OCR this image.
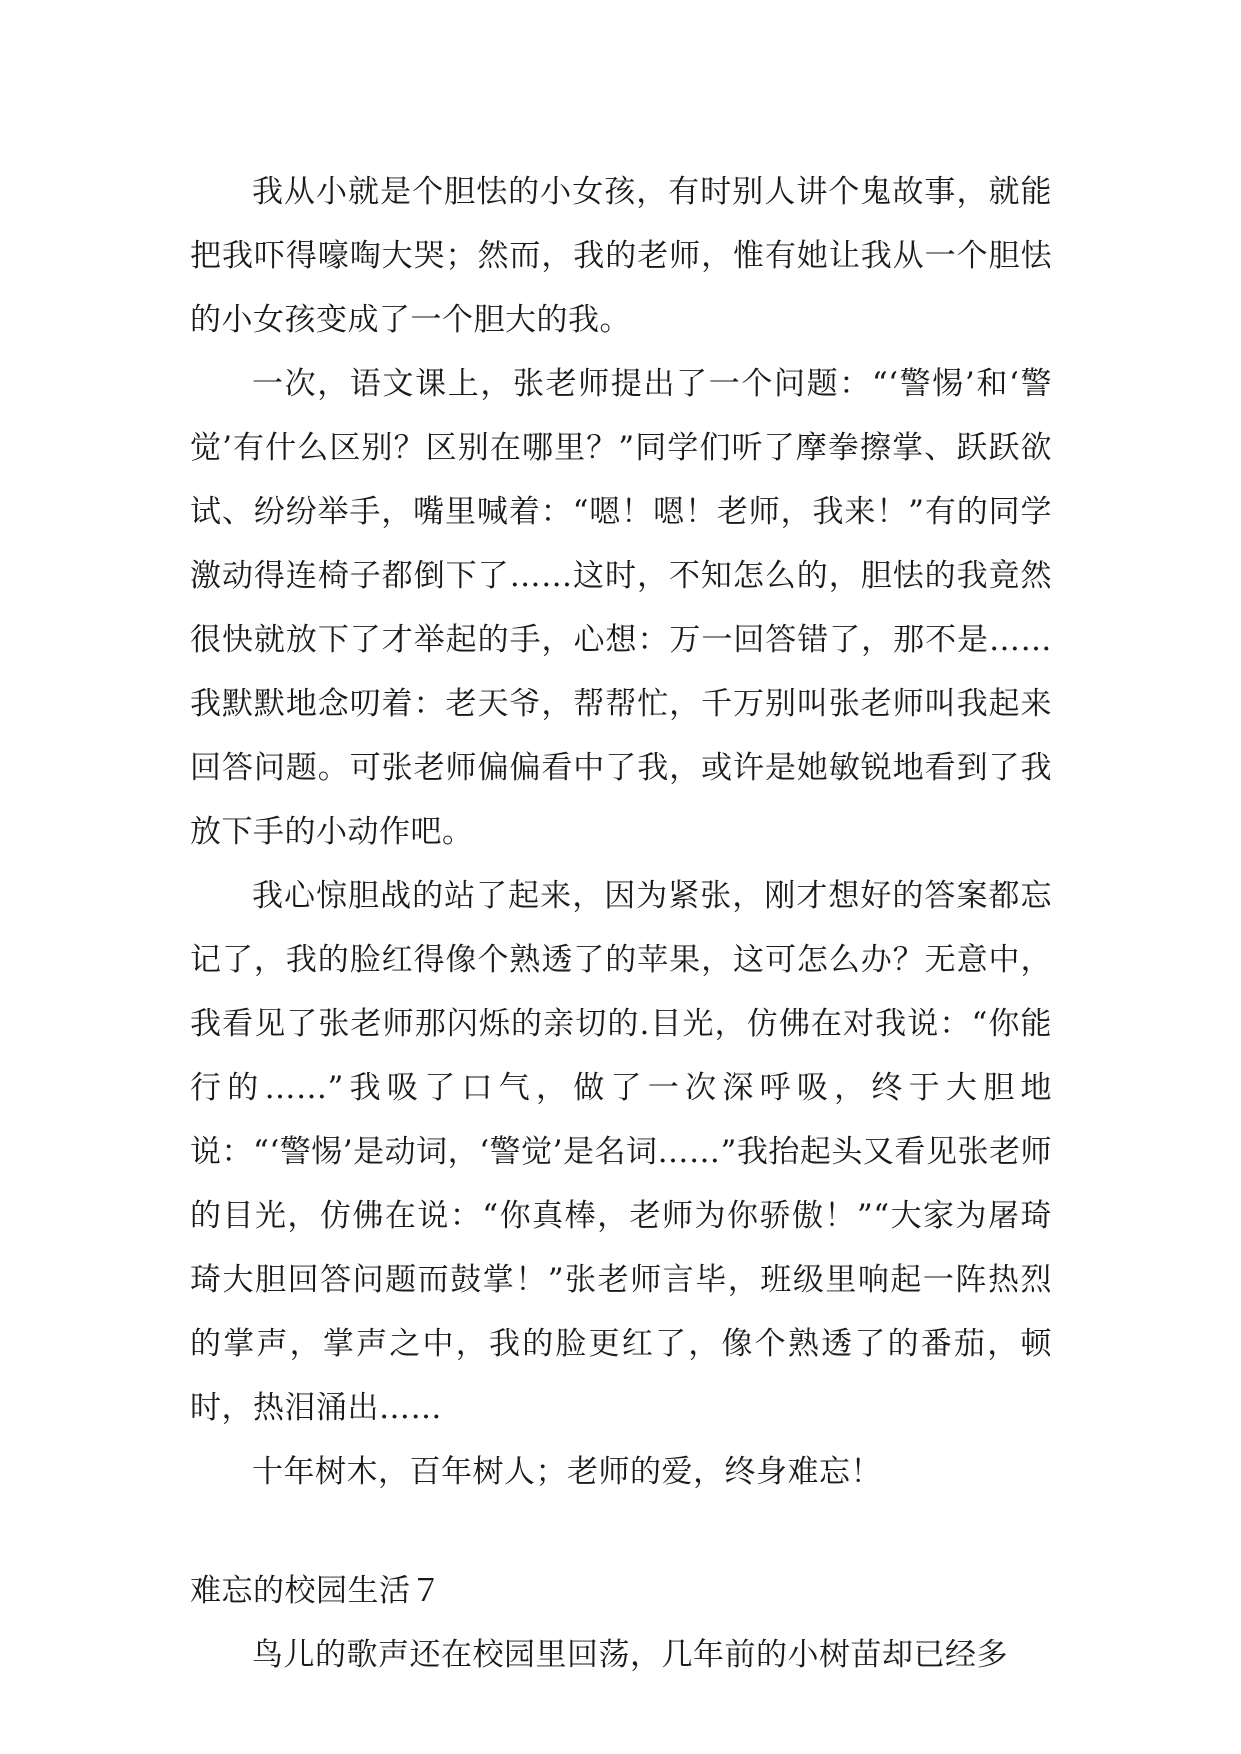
我从小就是个胆怯的小女孩，有时别人讲个鬼故事，就能把我吓得嚎啕大哭；然而，我的老师，惟有她让我从一个胆怯的小女孩变成了一个胆大的我。

一次，语文课上，张老师提出了一个问题：“‘警惕’和‘警觉’有什么区别？区别在哪里？”同学们听了摩拳擦掌、跃跃欲试、纷纷举手，嘴里喊着：“嗯！嗯！老师，我来！”有的同学激动得连椅子都倒下了……这时，不知怎么的，胆怯的我竟然很快就放下了才举起的手，心想：万一回答错了，那不是……我默默地念叨着：老天爷，帮帮忙，千万别叫张老师叫我起来回答问题。可张老师偏偏看中了我，或许是她敏锐地看到了我放下手的小动作吧。

我心惊胆战的站了起来，因为紧张，刚才想好的答案都忘记了，我的脸红得像个熟透了的苹果，这可怎么办？无意中，我看见了张老师那闪烁的亲切的.目光，仿佛在对我说：“你能行的……”我吸了口气，做了一次深呼吸，终于大胆地说：“‘警惕’是动词，‘警觉’是名词……”我抬起头又看见张老师的目光，仿佛在说：“你真棒，老师为你骄傲！”“大家为屠琦琦大胆回答问题而鼓掌！”张老师言毕，班级里响起一阵热烈的掌声，掌声之中，我的脸更红了，像个熟透了的番茄，顿时，热泪涌出……

十年树木，百年树人；老师的爱，终身难忘！

难忘的校园生活７

鸟儿的歌声还在校园里回荡，几年前的小树苗却已经多
